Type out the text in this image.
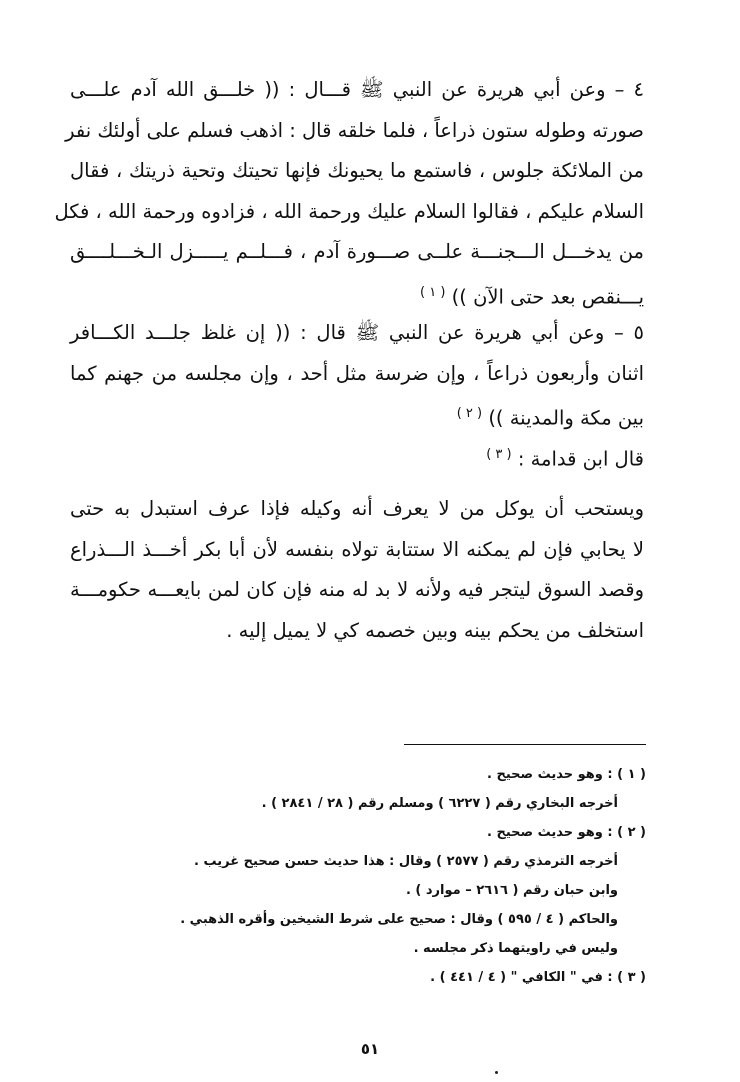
٤ – وعن أبي هريرة عن النبي ﷺ قـــال : (( خلـــق الله آدم علـــى
صورته وطوله ستون ذراعاً ، فلما خلقه قال : اذهب فسلم على أولئك نفر
من الملائكة جلوس ، فاستمع ما يحيونك فإنها تحيتك وتحية ذريتك ، فقال
السلام عليكم ، فقالوا السلام عليك ورحمة الله ، فزادوه ورحمة الله ، فكل
من يدخـــل الـــجنـــة علــى صـــورة آدم ، فـــلــم يـــــزل الـخـــلــــق
يـــنقص بعد حتى الآن )) $^{( ١ )}$
٥ – وعن أبي هريرة عن النبي ﷺ قال : (( إن غلظ جلـــد الكـــافر
اثنان وأربعون ذراعاً ، وإن ضرسة مثل أحد ، وإن مجلسه من جهنم كما
بين مكة والمدينة )) $^{( ٢ )}$
قال ابن قدامة : $^{( ٣ )}$
ويستحب أن يوكل من لا يعرف أنه وكيله فإذا عرف استبدل به حتى
لا يحابي فإن لم يمكنه الا ستتابة تولاه بنفسه لأن أبا بكر أخـــذ الـــذراع
وقصد السوق ليتجر فيه ولأنه لا بد له منه فإن كان لمن بايعـــه حكومـــة
استخلف من يحكم بينه وبين خصمه كي لا يميل إليه .
( ١ ) : وهو حديث صحيح .
أخرجه البخاري رقم ( ٦٢٢٧ ) ومسلم رقم ( ٢٨ / ٢٨٤١ ) .
( ٢ ) : وهو حديث صحيح .
أخرجه الترمذي رقم ( ٢٥٧٧ ) وقال : هذا حديث حسن صحيح غريب .
وابن حبان رقم ( ٢٦١٦ – موارد ) .
والحاكم ( ٤ / ٥٩٥ ) وقال : صحيح على شرط الشيخين وأقره الذهبي .
وليس في راويتهما ذكر مجلسه .
( ٣ ) : في " الكافي " ( ٤ / ٤٤١ ) .
٥١
